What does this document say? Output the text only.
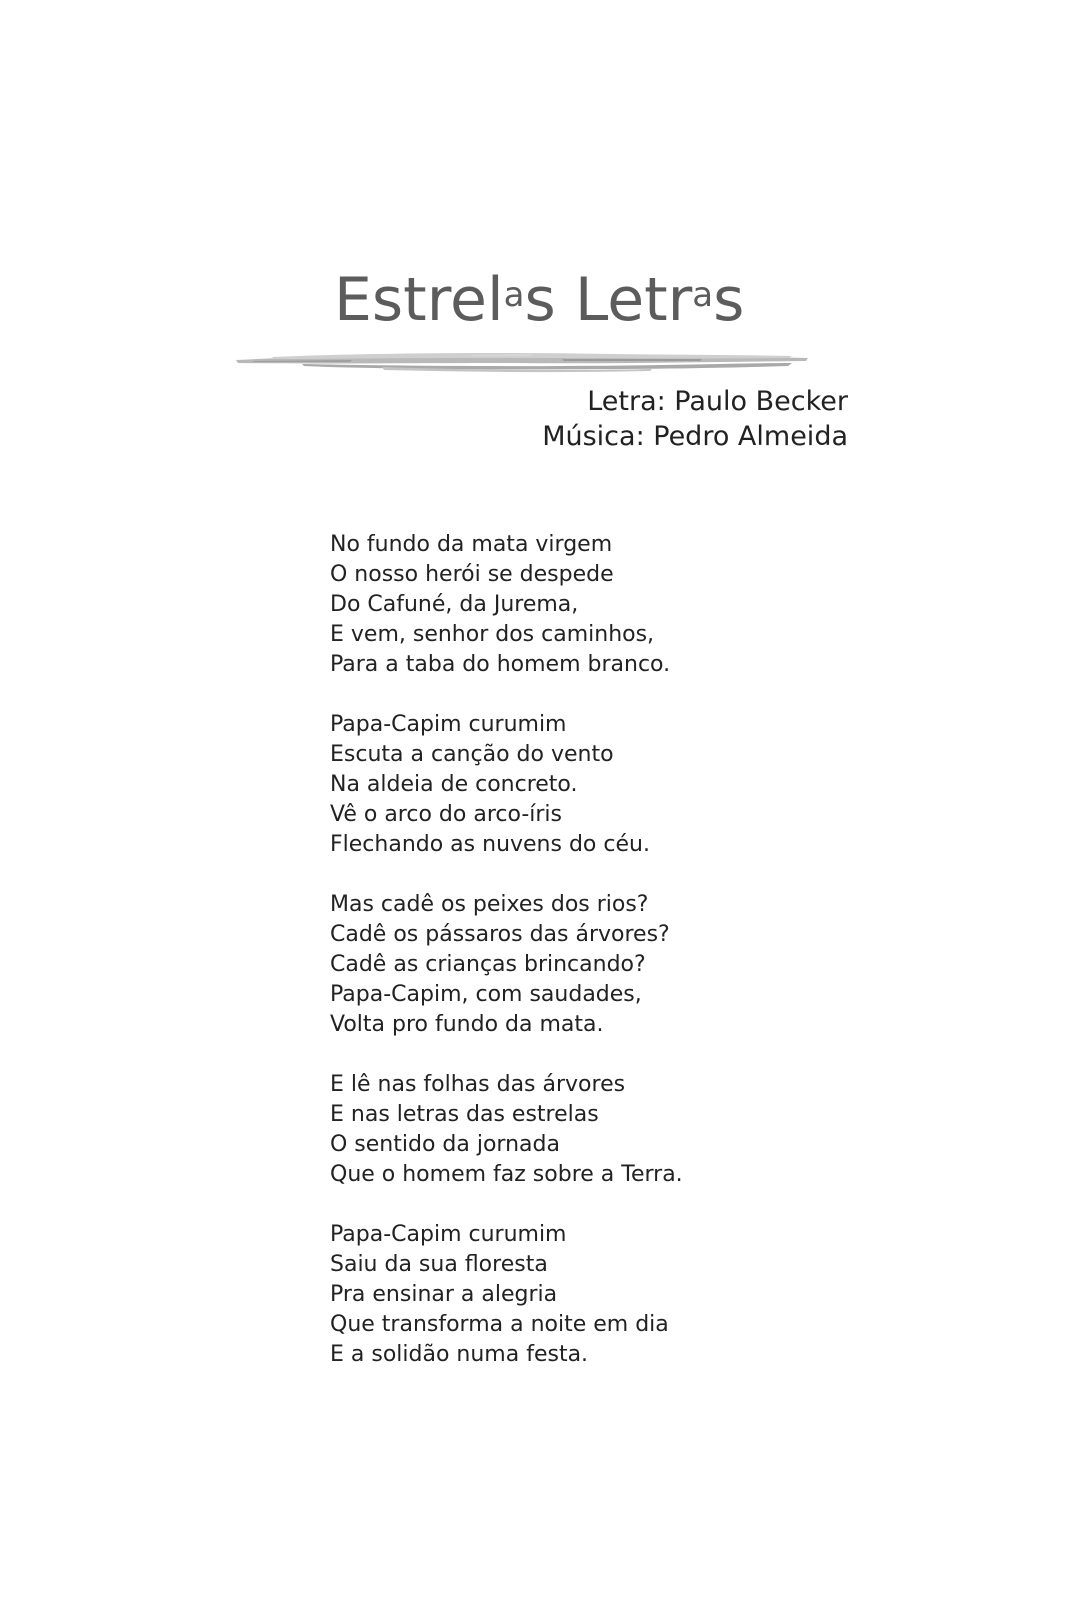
Estrel$^a$s Letr$^a$s
Letra: Paulo Becker
Música: Pedro Almeida
No fundo da mata virgem
O nosso herói se despede
Do Cafuné, da Jurema,
E vem, senhor dos caminhos,
Para a taba do homem branco.
Papa-Capim curumim
Escuta a canção do vento
Na aldeia de concreto.
Vê o arco do arco-íris
Flechando as nuvens do céu.
Mas cadê os peixes dos rios?
Cadê os pássaros das árvores?
Cadê as crianças brincando?
Papa-Capim, com saudades,
Volta pro fundo da mata.
E lê nas folhas das árvores
E nas letras das estrelas
O sentido da jornada
Que o homem faz sobre a Terra.
Papa-Capim curumim
Saiu da sua floresta
Pra ensinar a alegria
Que transforma a noite em dia
E a solidão numa festa.
